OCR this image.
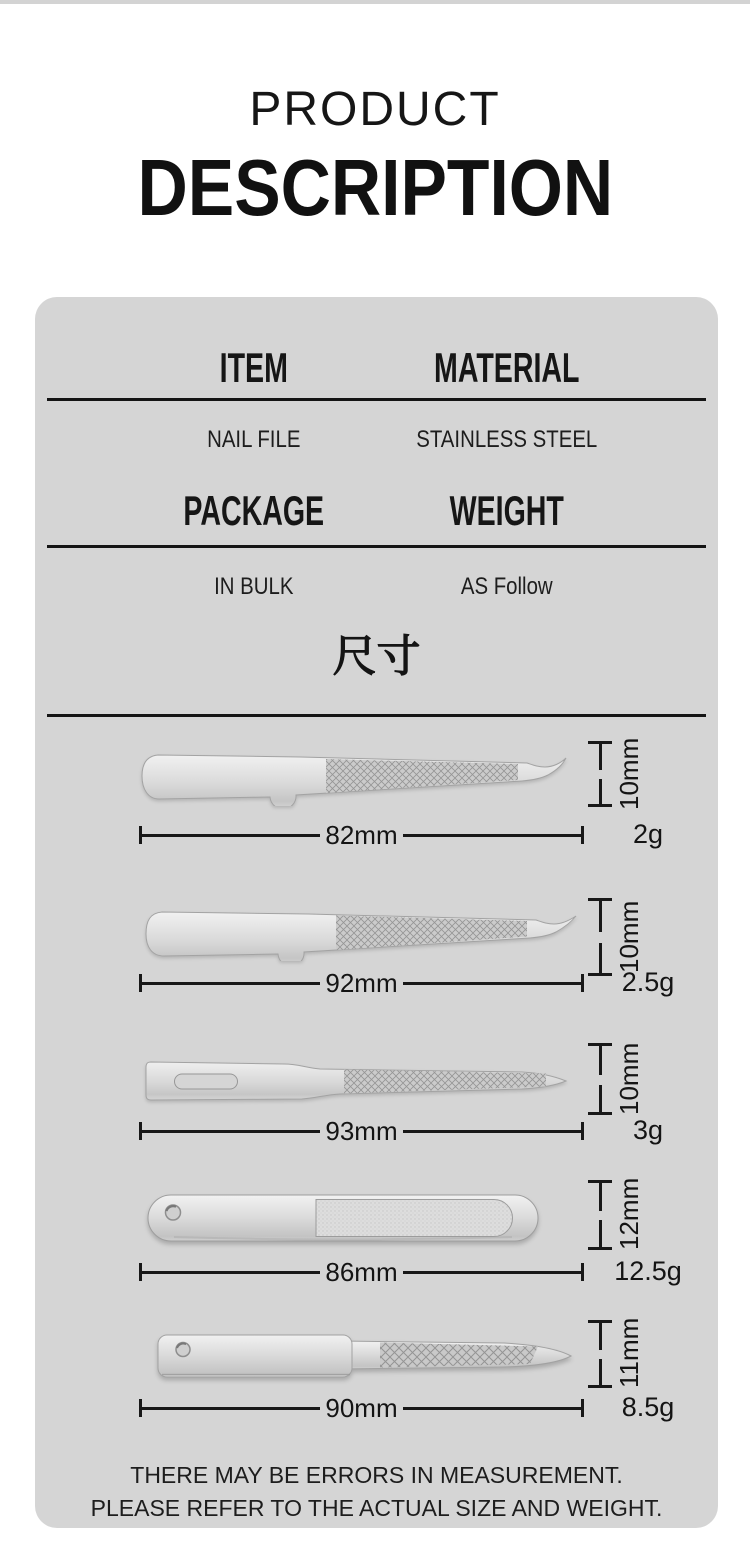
PRODUCT
DESCRIPTION
ITEM	MATERIAL
NAIL FILE	STAINLESS STEEL
PACKAGE	WEIGHT
IN BULK	AS Follow
尺寸
10mm
82mm	2g
10mm
92mm	2.5g
10mm
93mm	3g
12mm
86mm	12.5g
11mm
90mm	8.5g
THERE MAY BE ERRORS IN MEASUREMENT.
PLEASE REFER TO THE ACTUAL SIZE AND WEIGHT.
